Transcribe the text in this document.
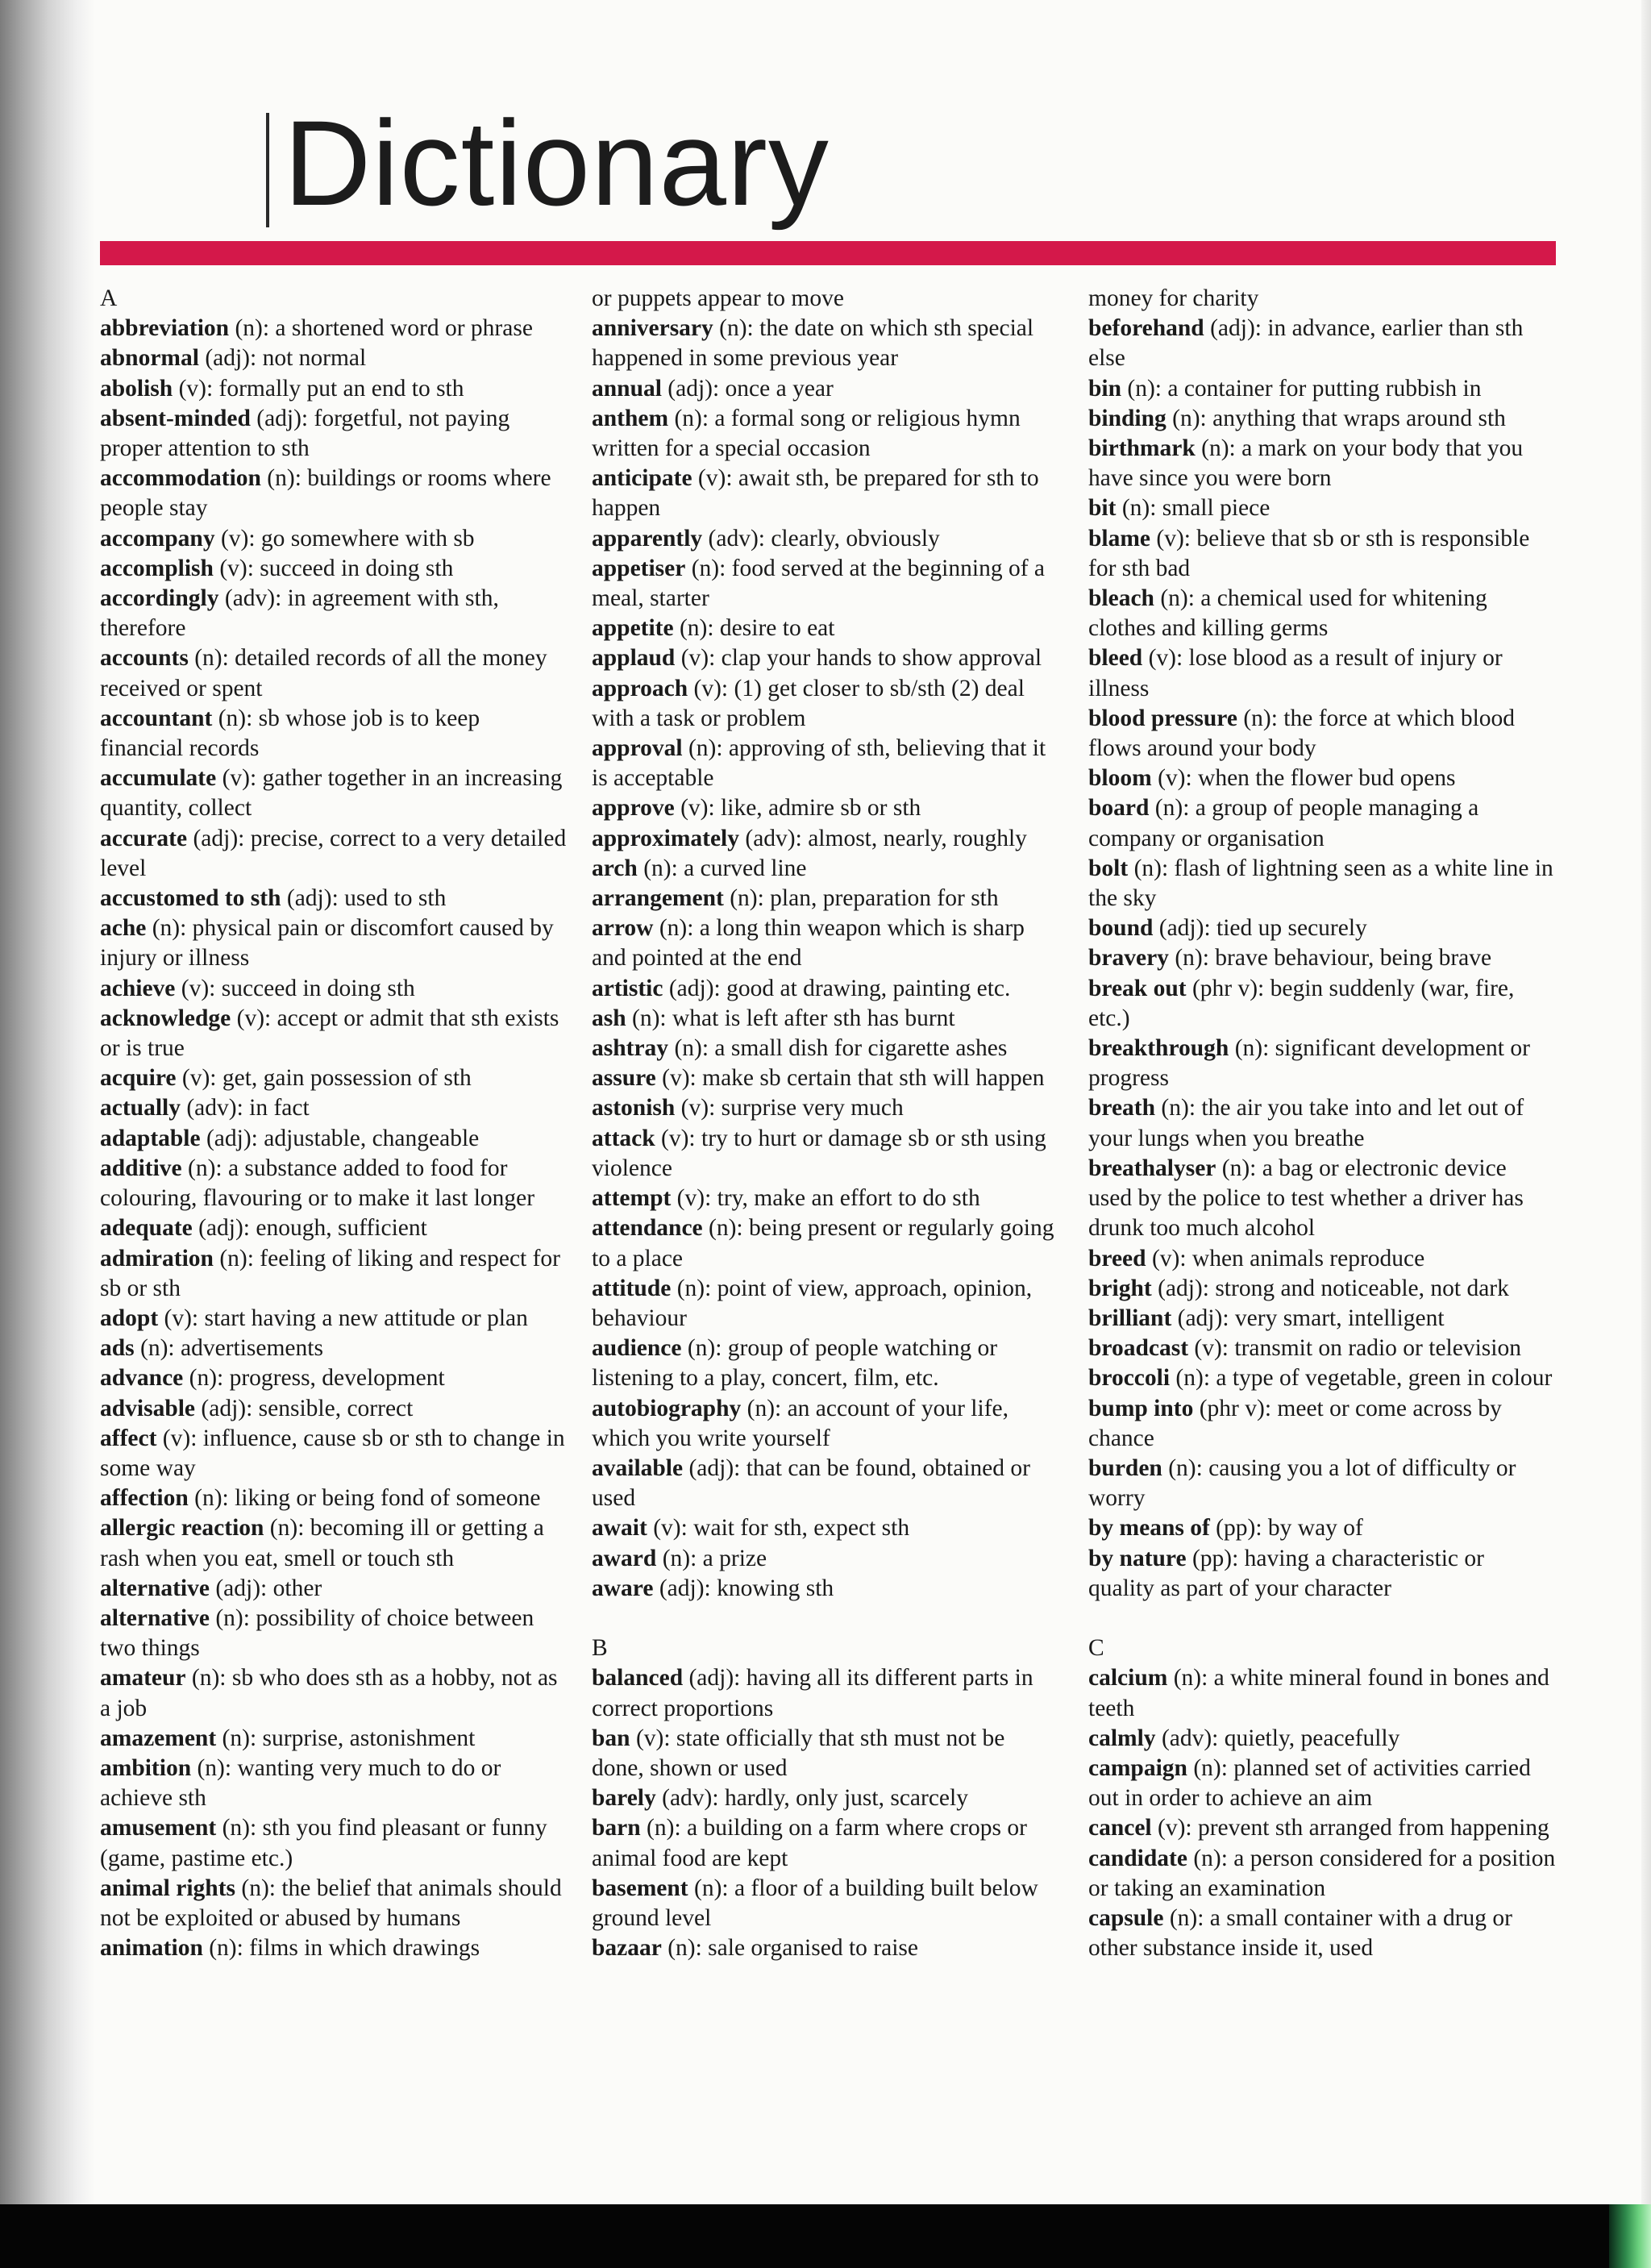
Dictionary

A

abbreviation (n): a shortened word or phrase

abnormal (adj): not normal

abolish (v): formally put an end to sth

absent-minded (adj): forgetful, not paying proper attention to sth

accommodation (n): buildings or rooms where people stay

accompany (v): go somewhere with sb

accomplish (v): succeed in doing sth

accordingly (adv): in agreement with sth, therefore

accounts (n): detailed records of all the money received or spent

accountant (n): sb whose job is to keep financial records

accumulate (v): gather together in an increasing quantity, collect

accurate (adj): precise, correct to a very detailed level

accustomed to sth (adj): used to sth

ache (n): physical pain or discomfort caused by injury or illness

achieve (v): succeed in doing sth

acknowledge (v): accept or admit that sth exists or is true

acquire (v): get, gain possession of sth

actually (adv): in fact

adaptable (adj): adjustable, changeable

additive (n): a substance added to food for colouring, flavouring or to make it last longer

adequate (adj): enough, sufficient

admiration (n): feeling of liking and respect for sb or sth

adopt (v): start having a new attitude or plan

ads (n): advertisements

advance (n): progress, development

advisable (adj): sensible, correct

affect (v): influence, cause sb or sth to change in some way

affection (n): liking or being fond of someone

allergic reaction (n): becoming ill or getting a rash when you eat, smell or touch sth

alternative (adj): other

alternative (n): possibility of choice between two things

amateur (n): sb who does sth as a hobby, not as a job

amazement (n): surprise, astonishment

ambition (n): wanting very much to do or achieve sth

amusement (n): sth you find pleasant or funny (game, pastime etc.)

animal rights (n): the belief that animals should not be exploited or abused by humans

animation (n): films in which drawings

or puppets appear to move

anniversary (n): the date on which sth special happened in some previous year

annual (adj): once a year

anthem (n): a formal song or religious hymn written for a special occasion

anticipate (v): await sth, be prepared for sth to happen

apparently (adv): clearly, obviously

appetiser (n): food served at the beginning of a meal, starter

appetite (n): desire to eat

applaud (v): clap your hands to show approval

approach (v): (1) get closer to sb/sth (2) deal with a task or problem

approval (n): approving of sth, believing that it is acceptable

approve (v): like, admire sb or sth

approximately (adv): almost, nearly, roughly

arch (n): a curved line

arrangement (n): plan, preparation for sth

arrow (n): a long thin weapon which is sharp and pointed at the end

artistic (adj): good at drawing, painting etc.

ash (n): what is left after sth has burnt

ashtray (n): a small dish for cigarette ashes

assure (v): make sb certain that sth will happen

astonish (v): surprise very much

attack (v): try to hurt or damage sb or sth using violence

attempt (v): try, make an effort to do sth

attendance (n): being present or regularly going to a place

attitude (n): point of view, approach, opinion, behaviour

audience (n): group of people watching or listening to a play, concert, film, etc.

autobiography (n): an account of your life, which you write yourself

available (adj): that can be found, obtained or used

await (v): wait for sth, expect sth

award (n): a prize

aware (adj): knowing sth

B

balanced (adj): having all its different parts in correct proportions

ban (v): state officially that sth must not be done, shown or used

barely (adv): hardly, only just, scarcely

barn (n): a building on a farm where crops or animal food are kept

basement (n): a floor of a building built below ground level

bazaar (n): sale organised to raise

money for charity

beforehand (adj): in advance, earlier than sth else

bin (n): a container for putting rubbish in

binding (n): anything that wraps around sth

birthmark (n): a mark on your body that you have since you were born

bit (n): small piece

blame (v): believe that sb or sth is responsible for sth bad

bleach (n): a chemical used for whitening clothes and killing germs

bleed (v): lose blood as a result of injury or illness

blood pressure (n): the force at which blood flows around your body

bloom (v): when the flower bud opens

board (n): a group of people managing a company or organisation

bolt (n): flash of lightning seen as a white line in the sky

bound (adj): tied up securely

bravery (n): brave behaviour, being brave

break out (phr v): begin suddenly (war, fire, etc.)

breakthrough (n): significant development or progress

breath (n): the air you take into and let out of your lungs when you breathe

breathalyser (n): a bag or electronic device used by the police to test whether a driver has drunk too much alcohol

breed (v): when animals reproduce

bright (adj): strong and noticeable, not dark

brilliant (adj): very smart, intelligent

broadcast (v): transmit on radio or television

broccoli (n): a type of vegetable, green in colour

bump into (phr v): meet or come across by chance

burden (n): causing you a lot of difficulty or worry

by means of (pp): by way of

by nature (pp): having a characteristic or quality as part of your character

C

calcium (n): a white mineral found in bones and teeth

calmly (adv): quietly, peacefully

campaign (n): planned set of activities carried out in order to achieve an aim

cancel (v): prevent sth arranged from happening

candidate (n): a person considered for a position or taking an examination

capsule (n): a small container with a drug or other substance inside it, used
